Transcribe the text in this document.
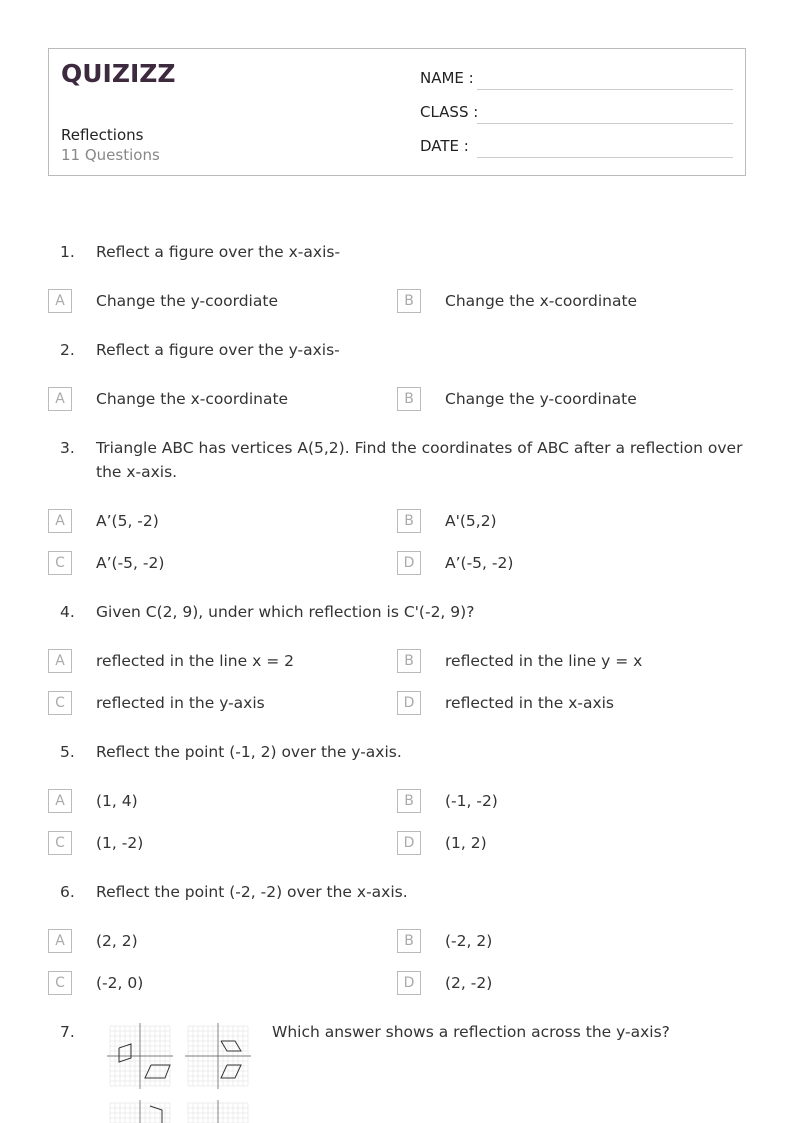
QUIZIZZ
Reflections
11 Questions
NAME :
CLASS :
DATE :
1. Reflect a figure over the x-axis-
A	Change the y-coordiate	B	Change the x-coordinate
2. Reflect a figure over the y-axis-
A	Change the x-coordinate	B	Change the y-coordinate
3. Triangle ABC has vertices A(5,2). Find the coordinates of ABC after a reflection over the x-axis.
A	A’(5, -2)	B	A'(5,2)
C	A’(-5, -2)	D	A’(-5, -2)
4. Given C(2, 9), under which reflection is C'(-2, 9)?
A	reflected in the line x = 2	B	reflected in the line y = x
C	reflected in the y-axis	D	reflected in the x-axis
5. Reflect the point (-1, 2) over the y-axis.
A	(1, 4)	B	(-1, -2)
C	(1, -2)	D	(1, 2)
6. Reflect the point (-2, -2) over the x-axis.
A	(2, 2)	B	(-2, 2)
C	(-2, 0)	D	(2, -2)
7.	Which answer shows a reflection across the y-axis?
